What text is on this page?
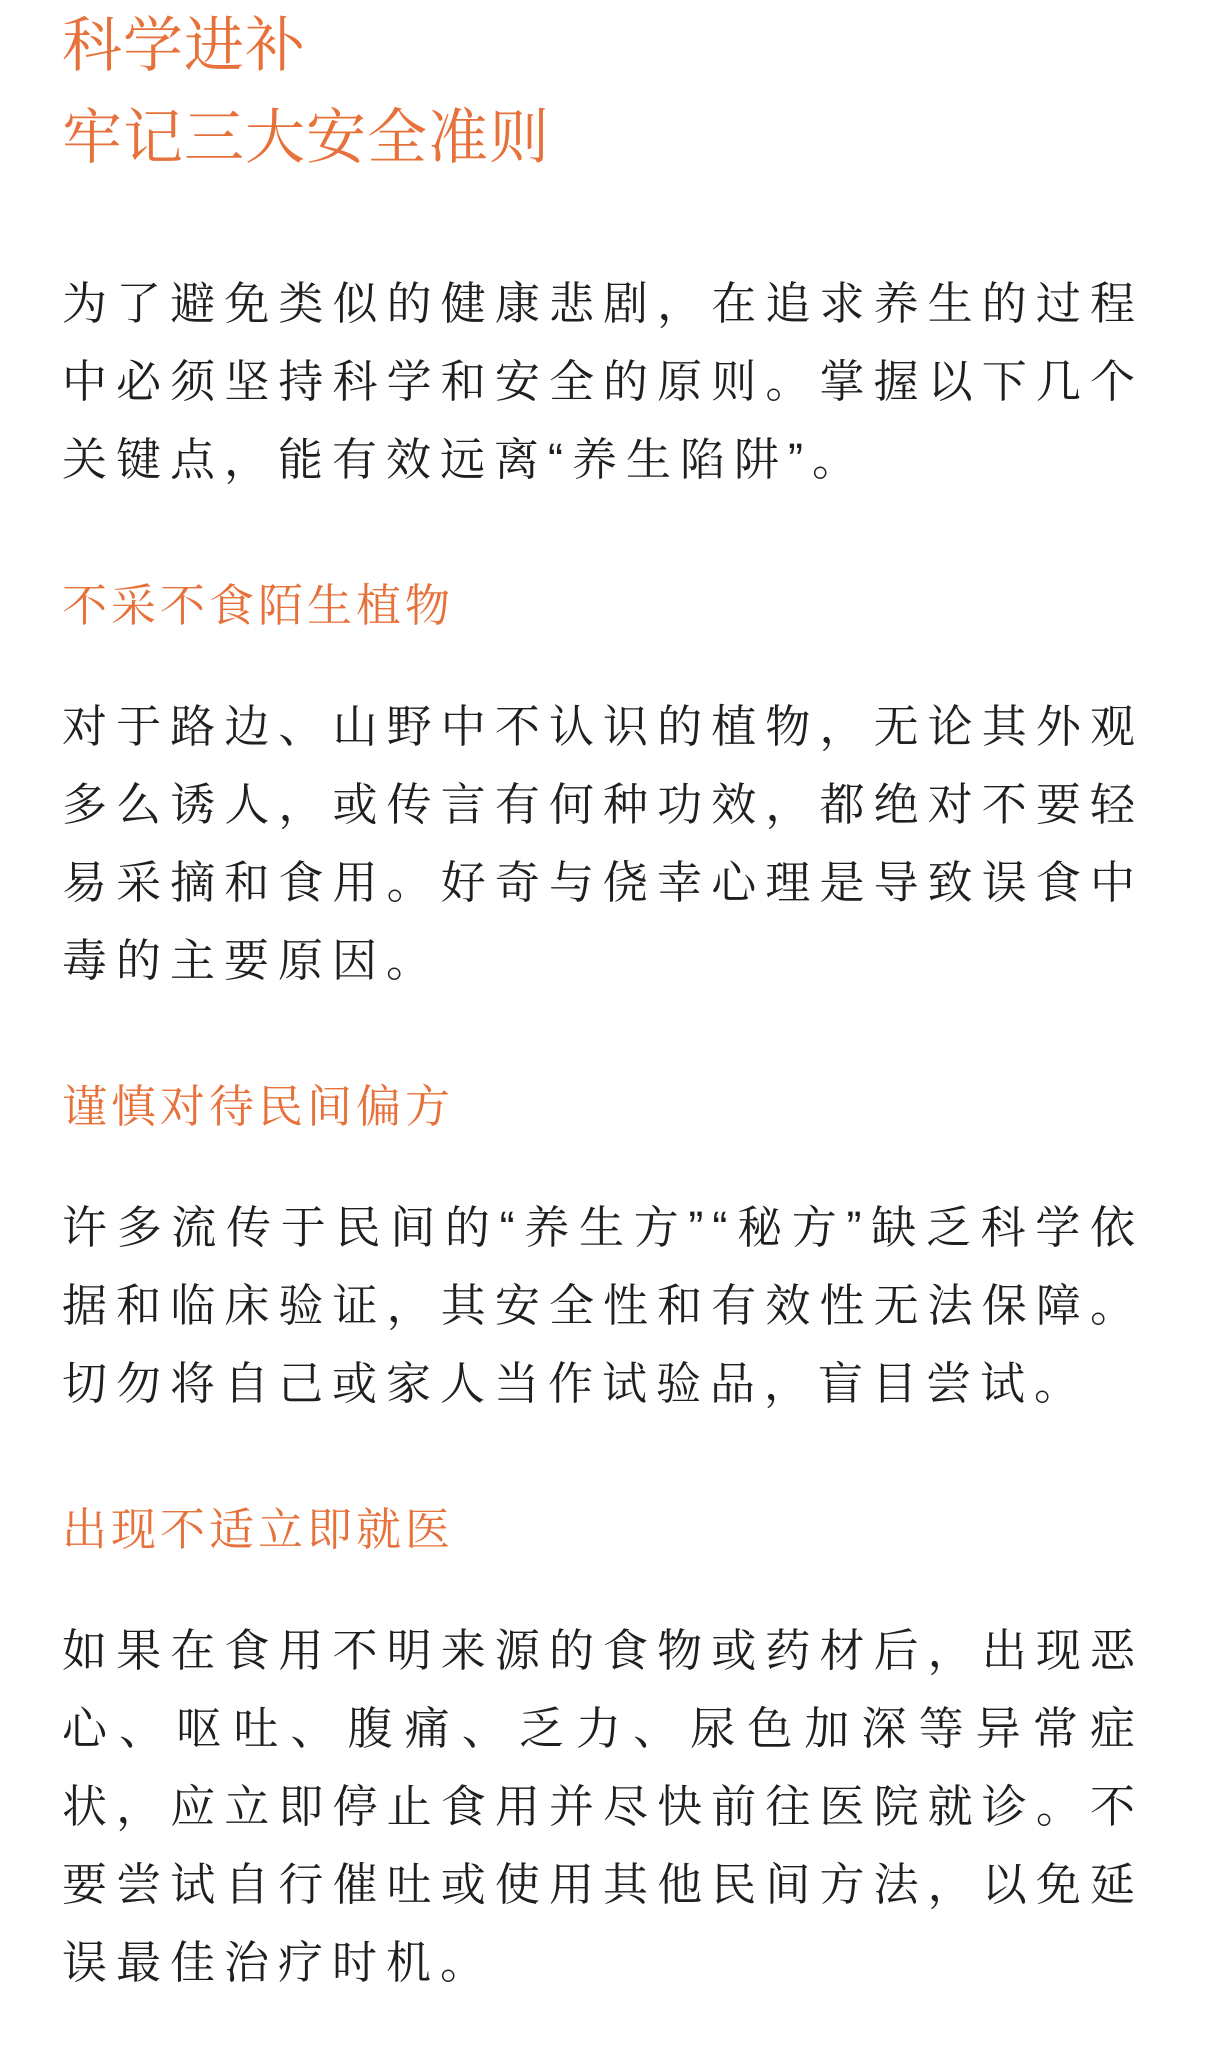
科学进补
牢记三大安全准则

为了避免类似的健康悲剧，在追求养生的过程中必须坚持科学和安全的原则。掌握以下几个关键点，能有效远离“养生陷阱”。

不采不食陌生植物

对于路边、山野中不认识的植物，无论其外观多么诱人，或传言有何种功效，都绝对不要轻易采摘和食用。好奇与侥幸心理是导致误食中毒的主要原因。

谨慎对待民间偏方

许多流传于民间的“养生方”“秘方”缺乏科学依据和临床验证，其安全性和有效性无法保障。切勿将自己或家人当作试验品，盲目尝试。

出现不适立即就医

如果在食用不明来源的食物或药材后，出现恶心、呕吐、腹痛、乏力、尿色加深等异常症状，应立即停止食用并尽快前往医院就诊。不要尝试自行催吐或使用其他民间方法，以免延误最佳治疗时机。
